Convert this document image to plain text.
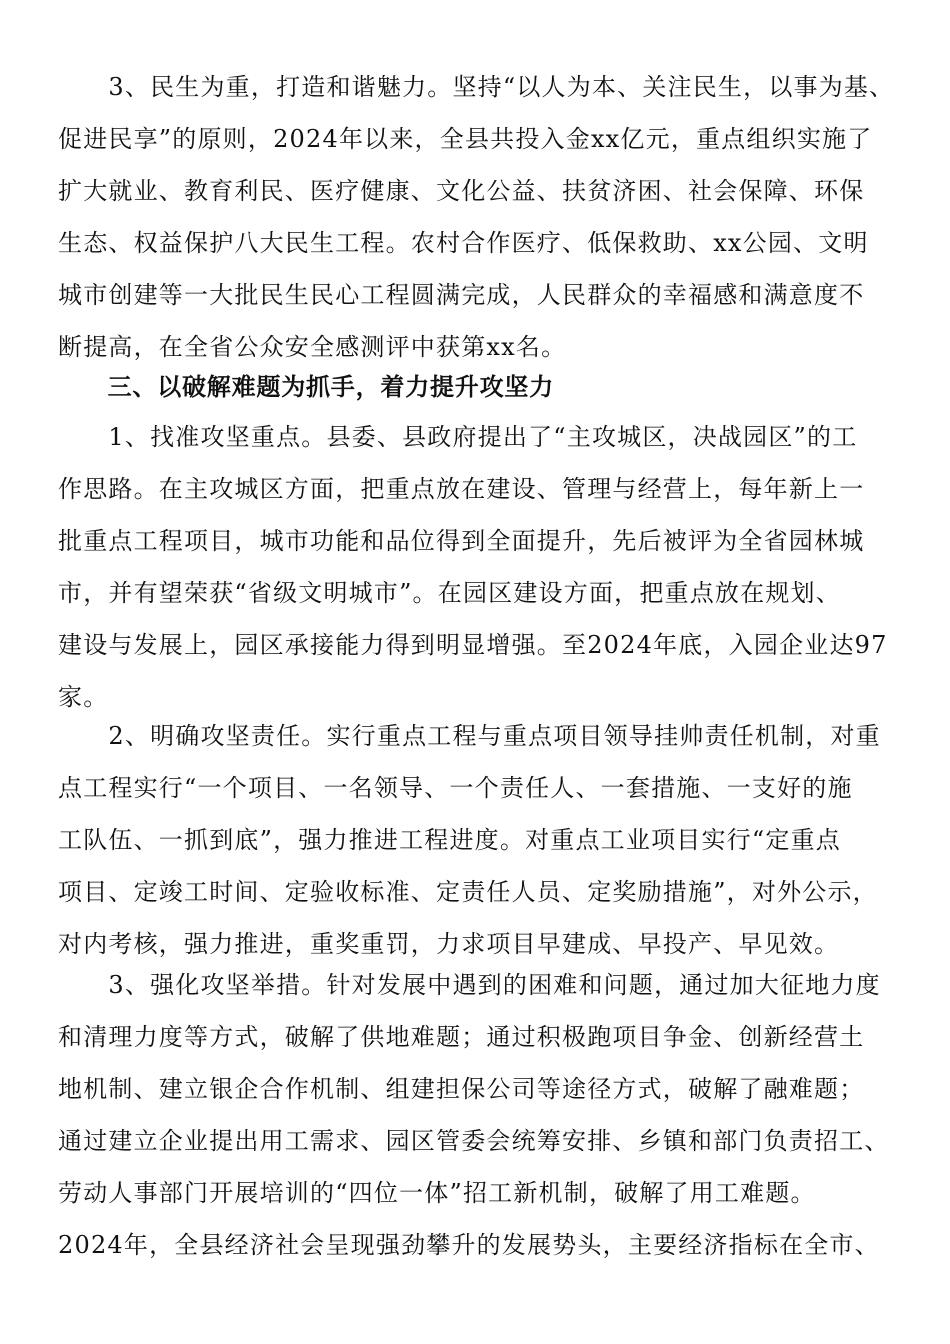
　　3、民生为重，打造和谐魅力。坚持“以人为本、关注民生，以事为基、
促进民享”的原则，2024年以来，全县共投入金xx亿元，重点组织实施了
扩大就业、教育利民、医疗健康、文化公益、扶贫济困、社会保障、环保
生态、权益保护八大民生工程。农村合作医疗、低保救助、xx公园、文明
城市创建等一大批民生民心工程圆满完成，人民群众的幸福感和满意度不
断提高，在全省公众安全感测评中获第xx名。
　　三、以破解难题为抓手，着力提升攻坚力
　　1、找准攻坚重点。县委、县政府提出了“主攻城区，决战园区”的工
作思路。在主攻城区方面，把重点放在建设、管理与经营上，每年新上一
批重点工程项目，城市功能和品位得到全面提升，先后被评为全省园林城
市，并有望荣获“省级文明城市”。在园区建设方面，把重点放在规划、
建设与发展上，园区承接能力得到明显增强。至2024年底，入园企业达97
家。
　　2、明确攻坚责任。实行重点工程与重点项目领导挂帅责任机制，对重
点工程实行“一个项目、一名领导、一个责任人、一套措施、一支好的施
工队伍、一抓到底”，强力推进工程进度。对重点工业项目实行“定重点
项目、定竣工时间、定验收标准、定责任人员、定奖励措施”，对外公示，
对内考核，强力推进，重奖重罚，力求项目早建成、早投产、早见效。
　　3、强化攻坚举措。针对发展中遇到的困难和问题，通过加大征地力度
和清理力度等方式，破解了供地难题；通过积极跑项目争金、创新经营土
地机制、建立银企合作机制、组建担保公司等途径方式，破解了融难题；
通过建立企业提出用工需求、园区管委会统筹安排、乡镇和部门负责招工、
劳动人事部门开展培训的“四位一体”招工新机制，破解了用工难题。
2024年，全县经济社会呈现强劲攀升的发展势头，主要经济指标在全市、
